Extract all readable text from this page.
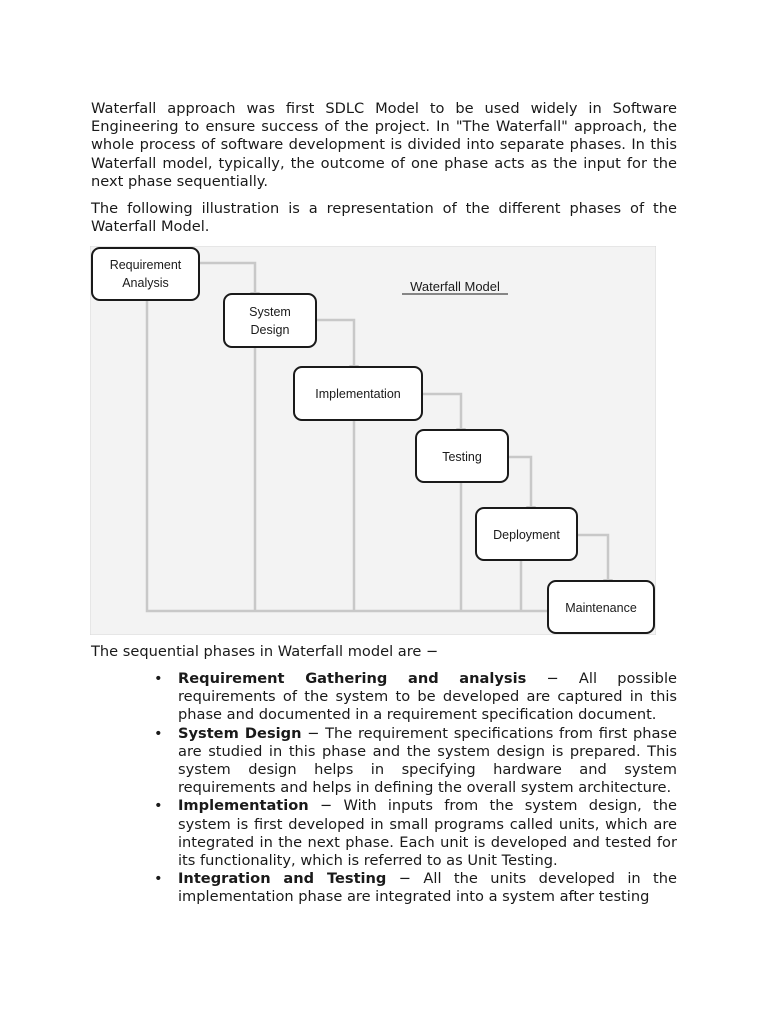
Waterfall approach was first SDLC Model to be used widely in Software Engineering to ensure success of the project. In "The Waterfall" approach, the whole process of software development is divided into separate phases. In this Waterfall model, typically, the outcome of one phase acts as the input for the next phase sequentially.

The following illustration is a representation of the different phases of the Waterfall Model.

Waterfall Model
Requirement
Analysis
System
Design
Implementation
Testing
Deployment
Maintenance

The sequential phases in Waterfall model are −

• Requirement Gathering and analysis − All possible requirements of the system to be developed are captured in this phase and documented in a requirement specification document.
• System Design − The requirement specifications from first phase are studied in this phase and the system design is prepared. This system design helps in specifying hardware and system requirements and helps in defining the overall system architecture.
• Implementation − With inputs from the system design, the system is first developed in small programs called units, which are integrated in the next phase. Each unit is developed and tested for its functionality, which is referred to as Unit Testing.
• Integration and Testing − All the units developed in the implementation phase are integrated into a system after testing
